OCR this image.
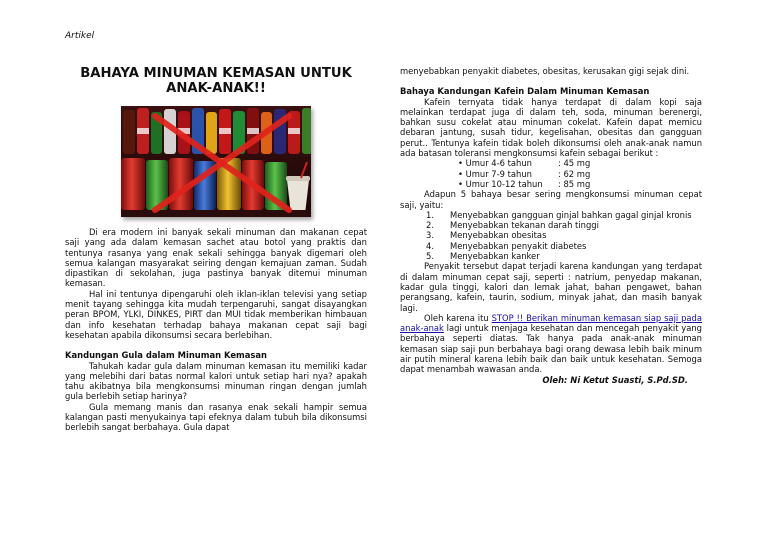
Artikel
BAHAYA MINUMAN KEMASAN UNTUK ANAK-ANAK!!

Di era modern ini banyak sekali minuman dan makanan cepat saji yang ada dalam kemasan sachet atau botol yang praktis dan tentunya rasanya yang enak sekali sehingga banyak digemari oleh semua kalangan masyarakat seiring dengan kemajuan zaman. Sudah dipastikan di sekolahan, juga pastinya banyak ditemui minuman kemasan.

Hal ini tentunya dipengaruhi oleh iklan-iklan televisi yang setiap menit tayang sehingga kita mudah terpengaruhi, sangat disayangkan peran BPOM, YLKI, DINKES, PIRT dan MUI tidak memberikan himbauan dan info kesehatan terhadap bahaya makanan cepat saji bagi kesehatan apabila dikonsumsi secara berlebihan.

Kandungan Gula dalam Minuman Kemasan

Tahukah kadar gula dalam minuman kemasan itu memiliki kadar yang melebihi dari batas normal kalori untuk setiap hari nya? apakah tahu akibatnya bila mengkonsumsi minuman ringan dengan jumlah gula berlebih setiap harinya?

Gula memang manis dan rasanya enak sekali hampir semua kalangan pasti menyukainya tapi efeknya dalam tubuh bila dikonsumsi berlebih sangat berbahaya. Gula dapat

menyebabkan penyakit diabetes, obesitas, kerusakan gigi sejak dini.

Bahaya Kandungan Kafein Dalam Minuman Kemasan

Kafein ternyata tidak hanya terdapat di dalam kopi saja melainkan terdapat juga di dalam teh, soda, minuman berenergi, bahkan susu cokelat atau minuman cokelat. Kafein dapat memicu debaran jantung, susah tidur, kegelisahan, obesitas dan gangguan perut.. Tentunya kafein tidak boleh dikonsumsi oleh anak-anak namun ada batasan toleransi mengkonsumsi kafein sebagai berikut :

• Umur 4-6 tahun	: 45 mg
• Umur 7-9 tahun	: 62 mg
• Umur 10-12 tahun : 85 mg

Adapun 5 bahaya besar sering mengkonsumsi minuman cepat saji, yaitu:

1.	Menyebabkan gangguan ginjal bahkan gagal ginjal kronis
2.	Menyebabkan tekanan darah tinggi
3.	Menyebabkan obesitas
4.	Menyebabkan penyakit diabetes
5.	Menyebabkan kanker

Penyakit tersebut dapat terjadi karena kandungan yang terdapat di dalam minuman cepat saji, seperti : natrium, penyedap makanan, kadar gula tinggi, kalori dan lemak jahat, bahan pengawet, bahan perangsang, kafein, taurin, sodium, minyak jahat, dan masih banyak lagi.

Oleh karena itu STOP !! Berikan minuman kemasan siap saji pada anak-anak lagi untuk menjaga kesehatan dan mencegah penyakit yang berbahaya seperti diatas. Tak hanya pada anak-anak minuman kemasan siap saji pun berbahaya bagi orang dewasa lebih baik minum air putih mineral karena lebih baik dan baik untuk kesehatan. Semoga dapat menambah wawasan anda.

Oleh: Ni Ketut Suasti, S.Pd.SD.
